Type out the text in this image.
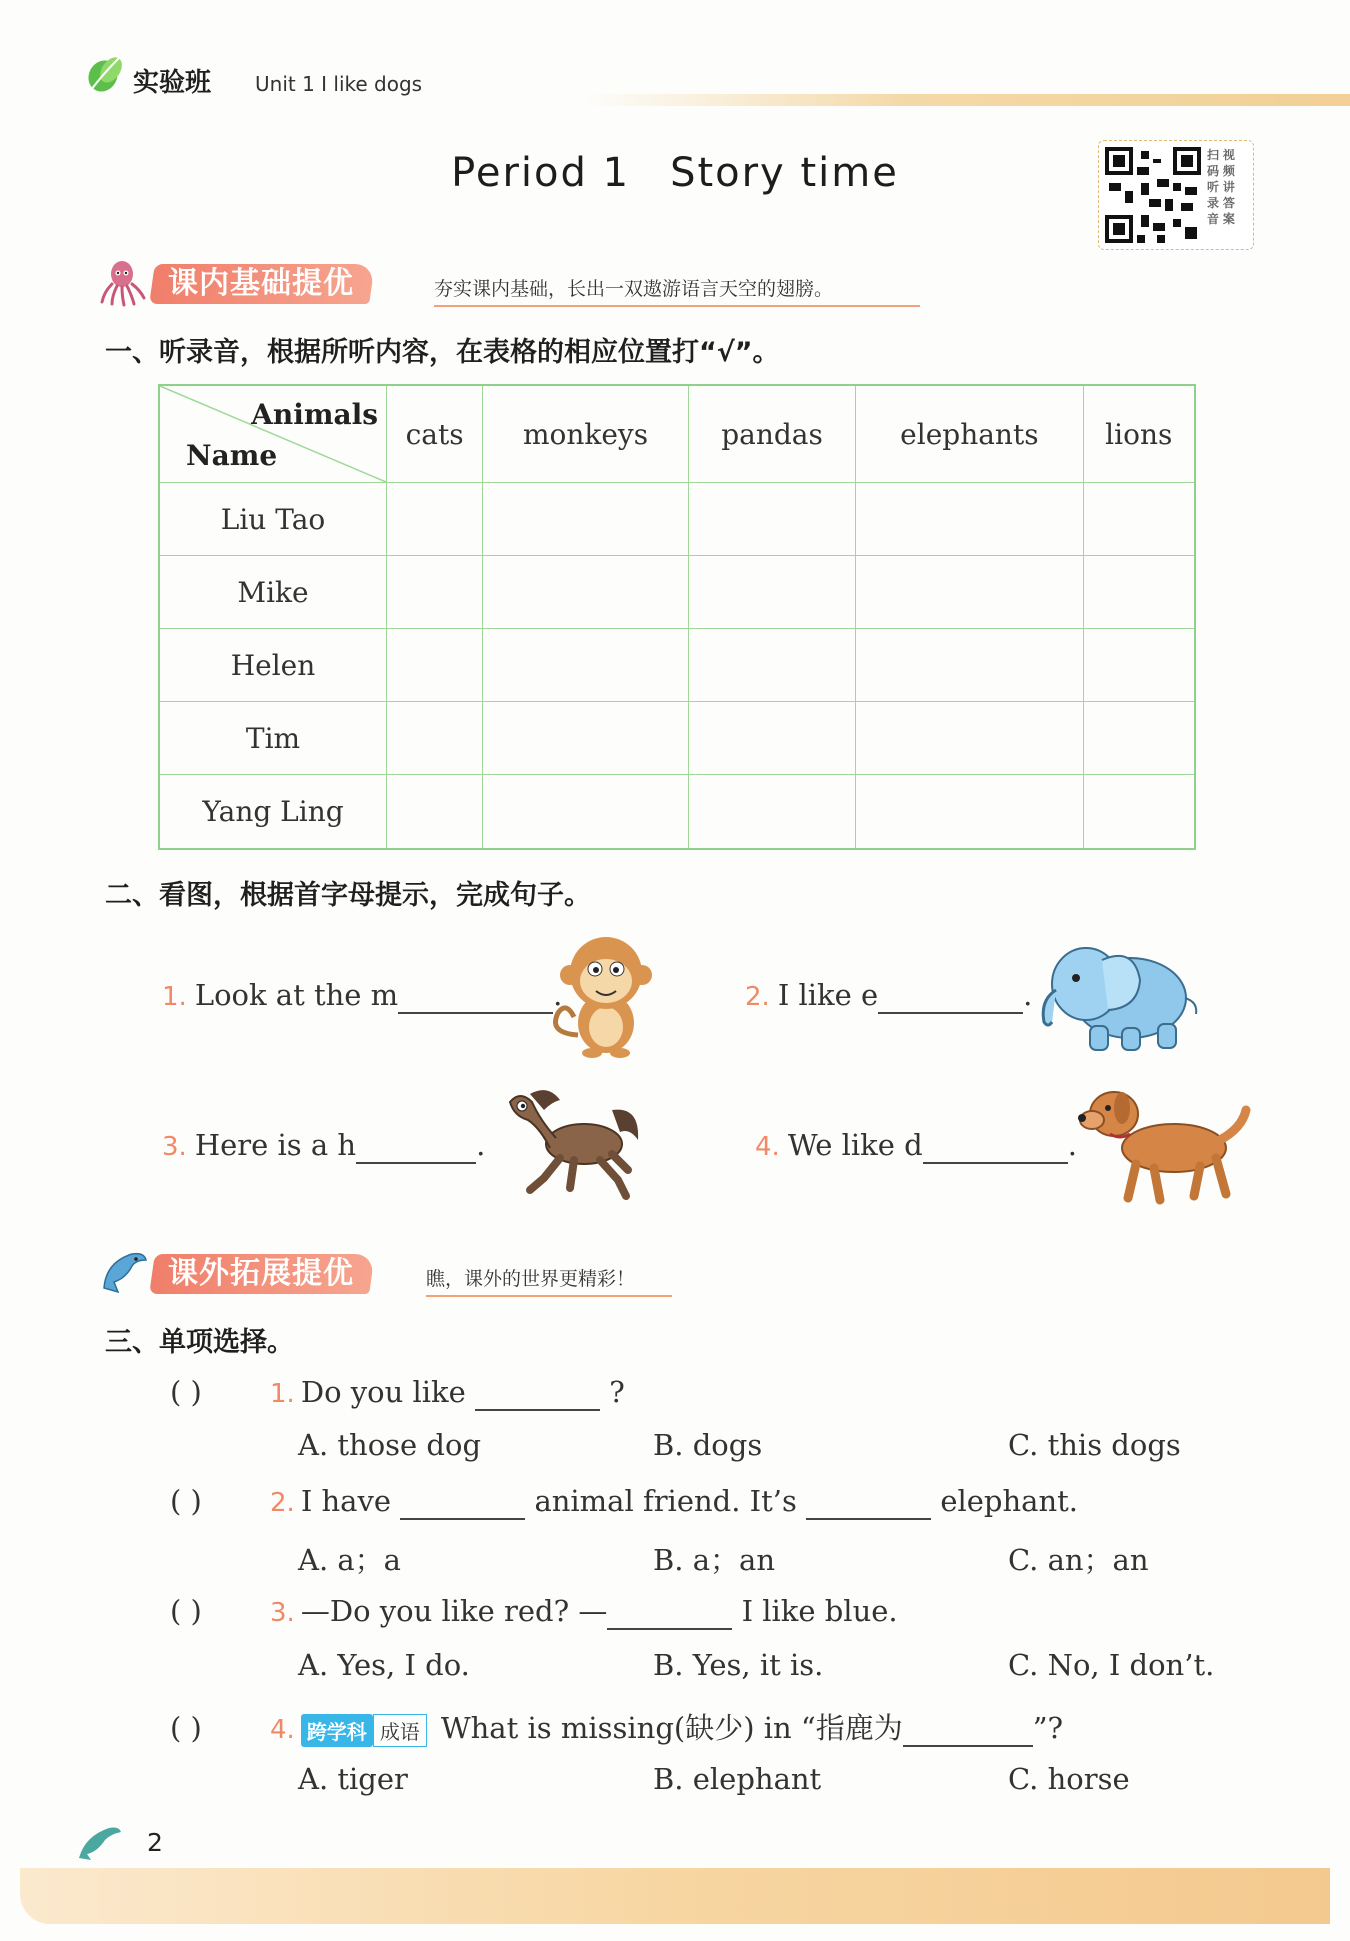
实验班 Unit 1 I like dogs
Period 1 Story time	扫 视
码 频
听 讲
录 答
音 案
课内基础提优	夯实课内基础，长出一双遨游语言天空的翅膀。
一、听录音，根据所听内容，在表格的相应位置打“√”。
Animals
Name	cats	monkeys	pandas	elephants	lions
Liu Tao					
Mike					
Helen					
Tim					
Yang Ling					
二、看图，根据首字母提示，完成句子。
1. Look at the m	.	2. I like e	.
3. Here is a h	.	4. We like d	.
课外拓展提优	瞧，课外的世界更精彩！
三、单项选择。
( )	1. Do you like	?
A. those dog	B. dogs	C. this dogs
( )	2. I have	animal friend. It’s	elephant.
A. a；a	B. a；an	C. an；an
( )	3. —Do you like red? —	I like blue.
A. Yes, I do.	B. Yes, it is.	C. No, I don’t.
( )	4. 跨学科 成语 What is missing(缺少) in “指鹿为	”?
A. tiger	B. elephant	C. horse
2
